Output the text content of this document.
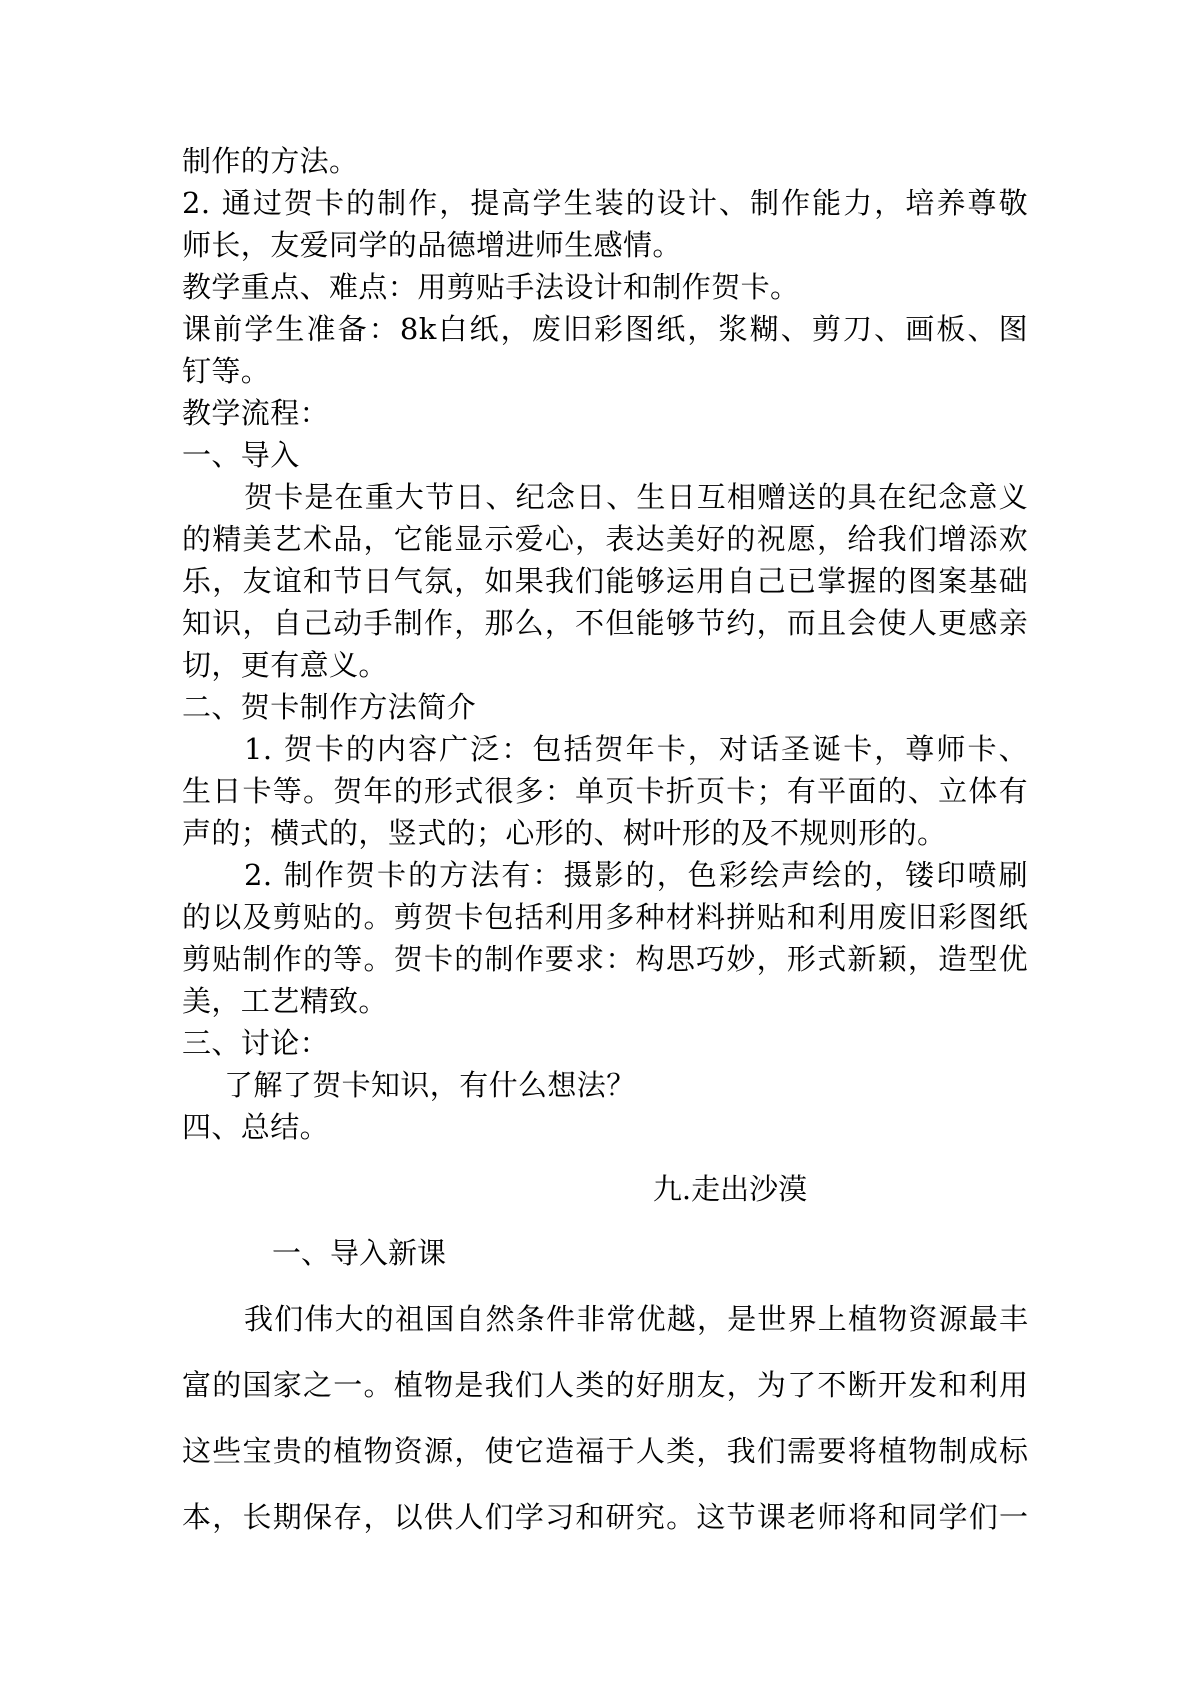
制作的方法。
2. 通过贺卡的制作，提高学生装的设计、制作能力，培养尊敬
师长，友爱同学的品德增进师生感情。
教学重点、难点：用剪贴手法设计和制作贺卡。
课前学生准备：8k白纸，废旧彩图纸，浆糊、剪刀、画板、图
钉等。
教学流程：
一、导入
贺卡是在重大节日、纪念日、生日互相赠送的具在纪念意义
的精美艺术品，它能显示爱心，表达美好的祝愿，给我们增添欢
乐，友谊和节日气氛，如果我们能够运用自己已掌握的图案基础
知识，自己动手制作，那么，不但能够节约，而且会使人更感亲
切，更有意义。
二、贺卡制作方法简介
1. 贺卡的内容广泛：包括贺年卡，对话圣诞卡，尊师卡、
生日卡等。贺年的形式很多：单页卡折页卡；有平面的、立体有
声的；横式的，竖式的；心形的、树叶形的及不规则形的。
2. 制作贺卡的方法有：摄影的，色彩绘声绘的，镂印喷刷
的以及剪贴的。剪贺卡包括利用多种材料拼贴和利用废旧彩图纸
剪贴制作的等。贺卡的制作要求：构思巧妙，形式新颖，造型优
美，工艺精致。
三、讨论：
了解了贺卡知识，有什么想法？
四、总结。
九.走出沙漠
一、导入新课
我们伟大的祖国自然条件非常优越，是世界上植物资源最丰
富的国家之一。植物是我们人类的好朋友，为了不断开发和利用
这些宝贵的植物资源，使它造福于人类，我们需要将植物制成标
本，长期保存，以供人们学习和研究。这节课老师将和同学们一
